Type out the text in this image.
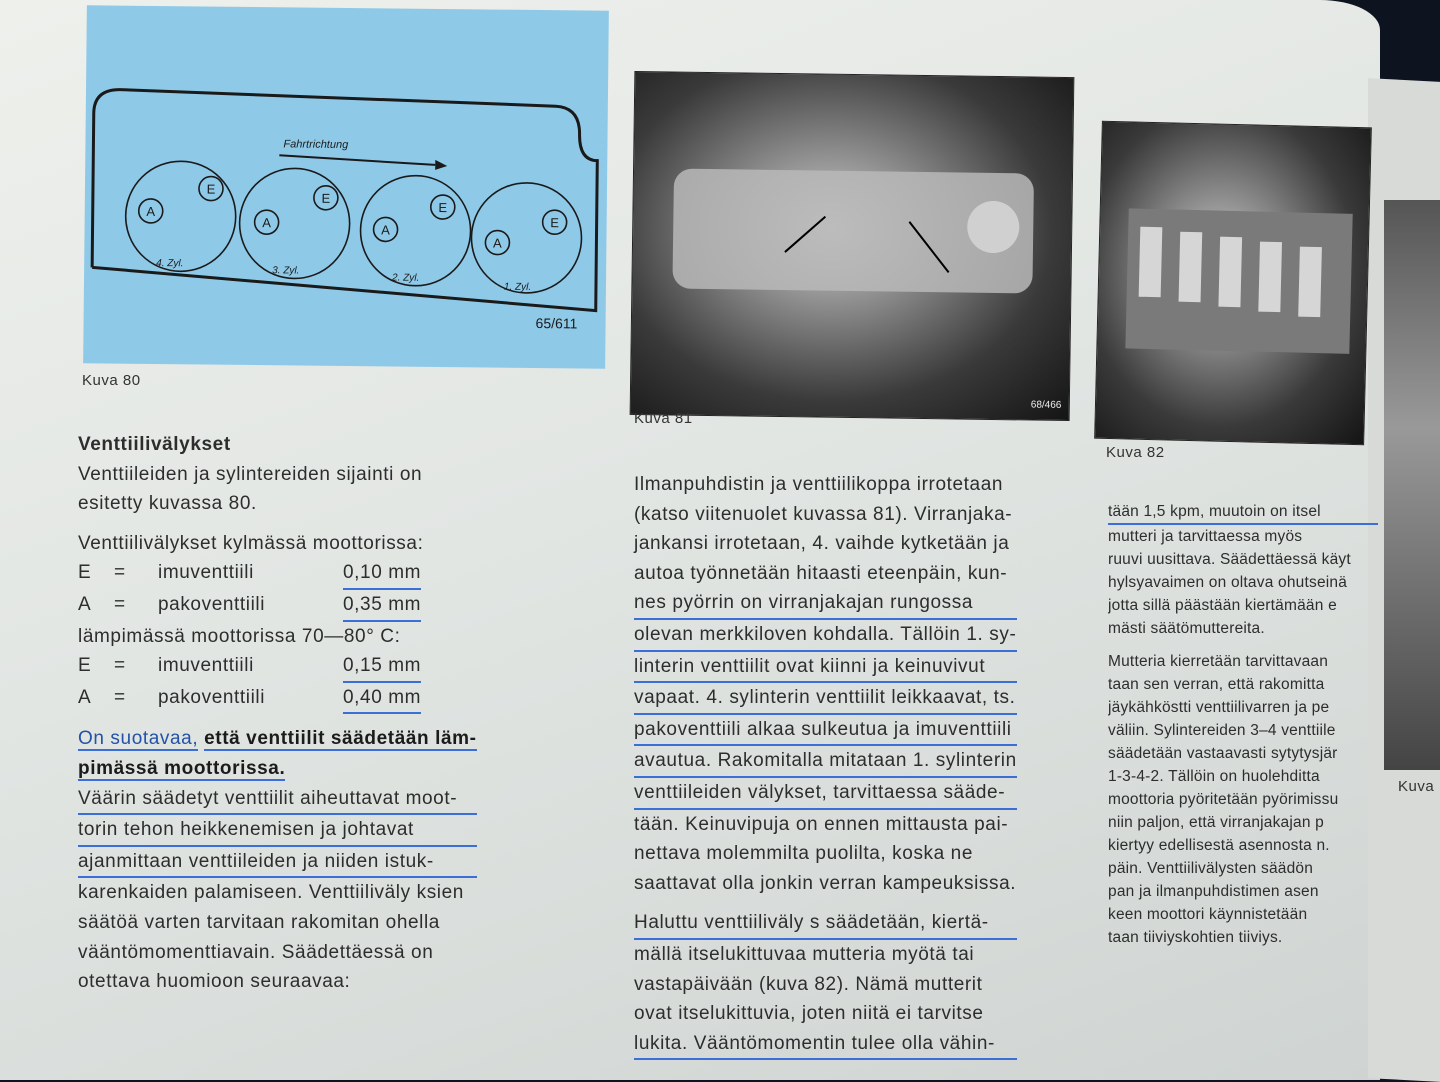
Fahrtrichtung
E
A
E
A
E
A	E
A
4. Zyl.
3. Zyl.
2. Zyl.
1. Zyl.
65/611
Kuva 80
68/466
Kuva 81
Kuva 82
Kuva

Venttiilivälykset

Venttiileiden ja sylintereiden sijainti on

esitetty kuvassa 80.

Venttiilivälykset kylmässä moottorissa:

E	=	imuventtiili	0,10 mm
A	=	pakoventtiili	0,35 mm

lämpimässä moottorissa 70—80° C:

E	=	imuventtiili	0,15 mm
A	=	pakoventtiili	0,40 mm

On suotavaa, että venttiilit säädetään läm-

pimässä moottorissa.

Väärin säädetyt venttiilit aiheuttavat moot-

torin tehon heikkenemisen ja johtavat

ajanmittaan venttiileiden ja niiden istuk-

karenkaiden palamiseen. Venttiiliväly ksien

säätöä varten tarvitaan rakomitan ohella

vääntömomenttiavain. Säädettäessä on

otettava huomioon seuraavaa:

Ilmanpuhdistin ja venttiilikoppa irrotetaan

(katso viitenuolet kuvassa 81). Virranjaka-

jankansi irrotetaan, 4. vaihde kytketään ja

autoa työnnetään hitaasti eteenpäin, kun-

nes pyörrin on virranjakajan rungossa

olevan merkkiloven kohdalla. Tällöin 1. sy-

linterin venttiilit ovat kiinni ja keinuvivut

vapaat. 4. sylinterin venttiilit leikkaavat, ts.

pakoventtiili alkaa sulkeutua ja imuventtiili

avautua. Rakomitalla mitataan 1. sylinterin

venttiileiden välykset, tarvittaessa sääde-

tään. Keinuvipuja on ennen mittausta pai-

nettava molemmilta puolilta, koska ne

saattavat olla jonkin verran kampeuksissa.

Haluttu venttiiliväly s säädetään, kiertä-

mällä itselukittuvaa mutteria myötä tai

vastapäivään (kuva 82). Nämä mutterit

ovat itselukittuvia, joten niitä ei tarvitse

lukita. Vääntömomentin tulee olla vähin-

tään 1,5 kpm, muutoin on itsel

mutteri ja tarvittaessa myös

ruuvi uusittava. Säädettäessä käyt

hylsyavaimen on oltava ohutseinä

jotta sillä päästään kiertämään e

mästi säätömuttereita.

Mutteria kierretään tarvittavaan

taan sen verran, että rakomitta

jäykähköstti venttiilivarren ja pe

väliin. Sylintereiden 3–4 venttiile

säädetään vastaavasti sytytysjär

1-3-4-2. Tällöin on huolehditta

moottoria pyöritetään pyörimissu

niin paljon, että virranjakajan p

kiertyy edellisestä asennosta n.

päin. Venttiilivälysten säädön

pan ja ilmanpuhdistimen asen

keen moottori käynnistetään

taan tiiviyskohtien tiiviys.
